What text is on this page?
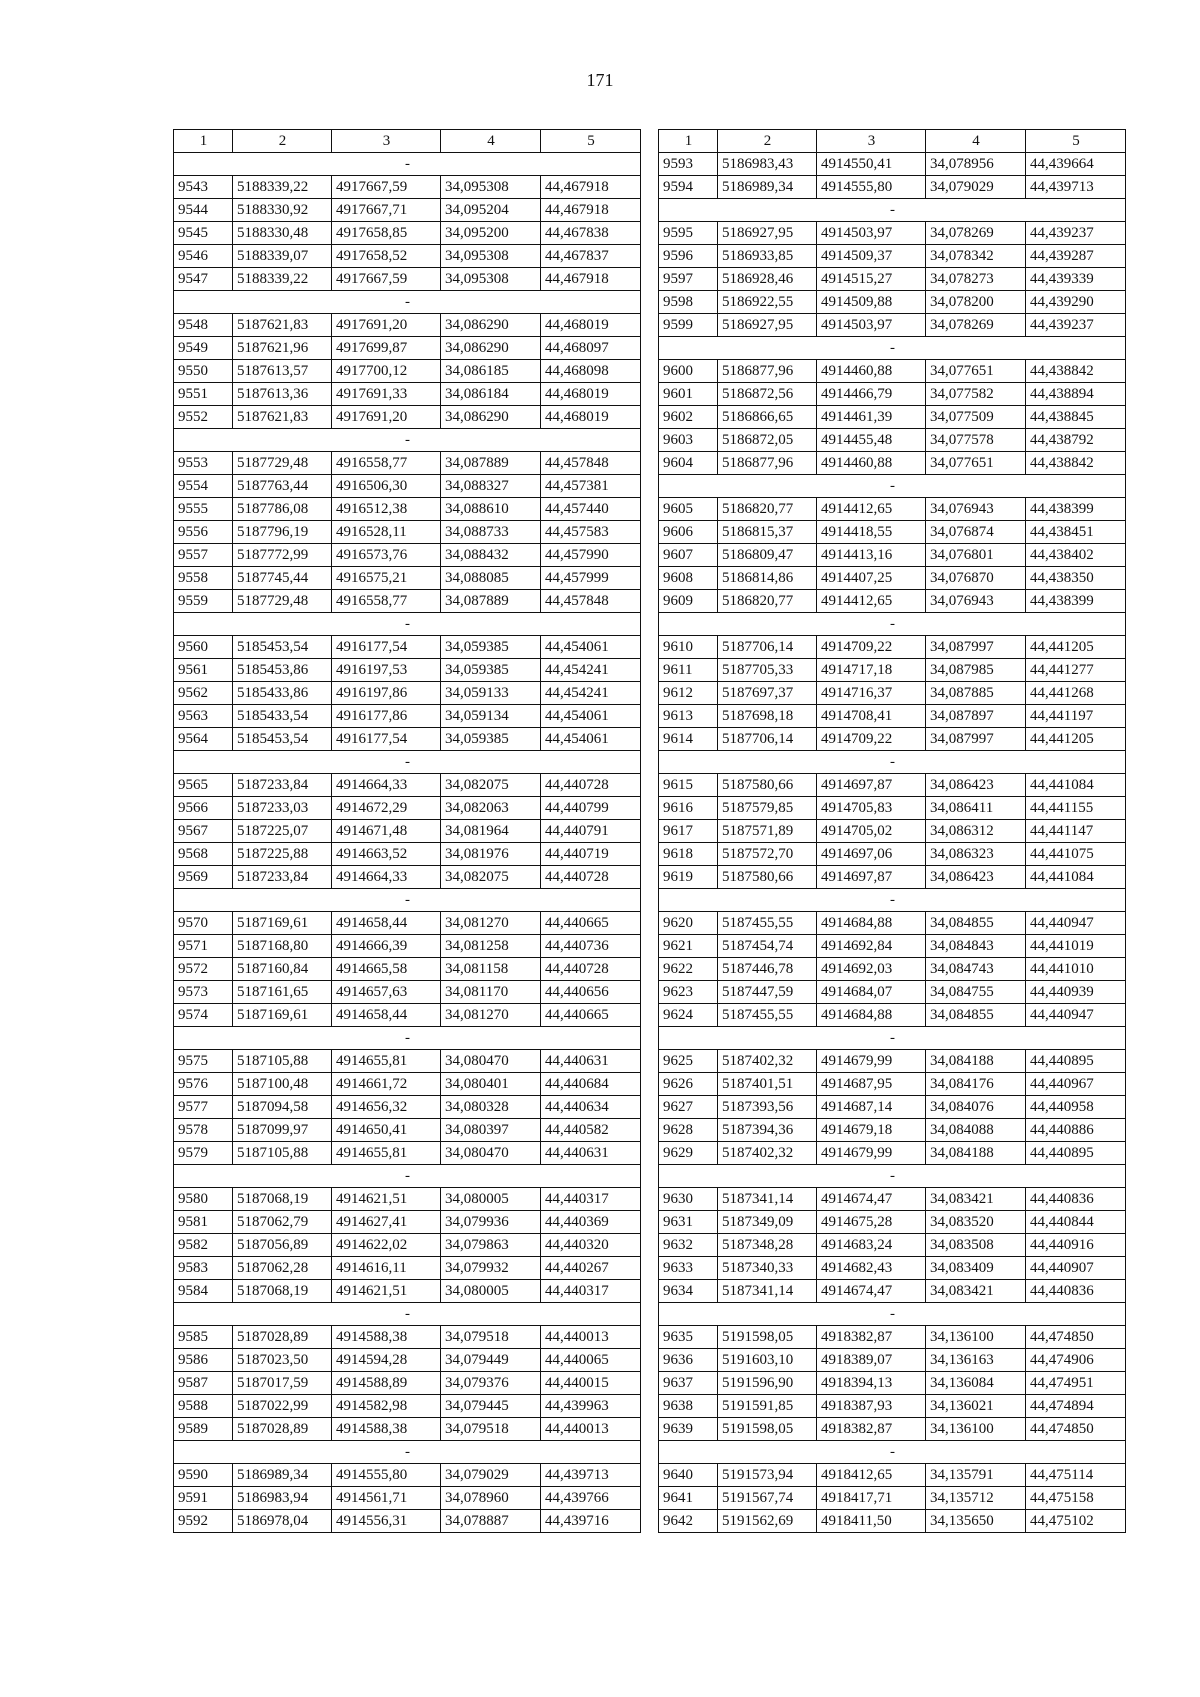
171
1	2	3	4	5
-				
9543	5188339,22	4917667,59	34,095308	44,467918
9544	5188330,92	4917667,71	34,095204	44,467918
9545	5188330,48	4917658,85	34,095200	44,467838
9546	5188339,07	4917658,52	34,095308	44,467837
9547	5188339,22	4917667,59	34,095308	44,467918
-				
9548	5187621,83	4917691,20	34,086290	44,468019
9549	5187621,96	4917699,87	34,086290	44,468097
9550	5187613,57	4917700,12	34,086185	44,468098
9551	5187613,36	4917691,33	34,086184	44,468019
9552	5187621,83	4917691,20	34,086290	44,468019
-				
9553	5187729,48	4916558,77	34,087889	44,457848
9554	5187763,44	4916506,30	34,088327	44,457381
9555	5187786,08	4916512,38	34,088610	44,457440
9556	5187796,19	4916528,11	34,088733	44,457583
9557	5187772,99	4916573,76	34,088432	44,457990
9558	5187745,44	4916575,21	34,088085	44,457999
9559	5187729,48	4916558,77	34,087889	44,457848
-				
9560	5185453,54	4916177,54	34,059385	44,454061
9561	5185453,86	4916197,53	34,059385	44,454241
9562	5185433,86	4916197,86	34,059133	44,454241
9563	5185433,54	4916177,86	34,059134	44,454061
9564	5185453,54	4916177,54	34,059385	44,454061
-				
9565	5187233,84	4914664,33	34,082075	44,440728
9566	5187233,03	4914672,29	34,082063	44,440799
9567	5187225,07	4914671,48	34,081964	44,440791
9568	5187225,88	4914663,52	34,081976	44,440719
9569	5187233,84	4914664,33	34,082075	44,440728
-				
9570	5187169,61	4914658,44	34,081270	44,440665
9571	5187168,80	4914666,39	34,081258	44,440736
9572	5187160,84	4914665,58	34,081158	44,440728
9573	5187161,65	4914657,63	34,081170	44,440656
9574	5187169,61	4914658,44	34,081270	44,440665
-				
9575	5187105,88	4914655,81	34,080470	44,440631
9576	5187100,48	4914661,72	34,080401	44,440684
9577	5187094,58	4914656,32	34,080328	44,440634
9578	5187099,97	4914650,41	34,080397	44,440582
9579	5187105,88	4914655,81	34,080470	44,440631
-				
9580	5187068,19	4914621,51	34,080005	44,440317
9581	5187062,79	4914627,41	34,079936	44,440369
9582	5187056,89	4914622,02	34,079863	44,440320
9583	5187062,28	4914616,11	34,079932	44,440267
9584	5187068,19	4914621,51	34,080005	44,440317
-				
9585	5187028,89	4914588,38	34,079518	44,440013
9586	5187023,50	4914594,28	34,079449	44,440065
9587	5187017,59	4914588,89	34,079376	44,440015
9588	5187022,99	4914582,98	34,079445	44,439963
9589	5187028,89	4914588,38	34,079518	44,440013
-				
9590	5186989,34	4914555,80	34,079029	44,439713
9591	5186983,94	4914561,71	34,078960	44,439766
9592	5186978,04	4914556,31	34,078887	44,439716
1	2	3	4	5
9593	5186983,43	4914550,41	34,078956	44,439664
9594	5186989,34	4914555,80	34,079029	44,439713
-				
9595	5186927,95	4914503,97	34,078269	44,439237
9596	5186933,85	4914509,37	34,078342	44,439287
9597	5186928,46	4914515,27	34,078273	44,439339
9598	5186922,55	4914509,88	34,078200	44,439290
9599	5186927,95	4914503,97	34,078269	44,439237
-				
9600	5186877,96	4914460,88	34,077651	44,438842
9601	5186872,56	4914466,79	34,077582	44,438894
9602	5186866,65	4914461,39	34,077509	44,438845
9603	5186872,05	4914455,48	34,077578	44,438792
9604	5186877,96	4914460,88	34,077651	44,438842
-				
9605	5186820,77	4914412,65	34,076943	44,438399
9606	5186815,37	4914418,55	34,076874	44,438451
9607	5186809,47	4914413,16	34,076801	44,438402
9608	5186814,86	4914407,25	34,076870	44,438350
9609	5186820,77	4914412,65	34,076943	44,438399
-				
9610	5187706,14	4914709,22	34,087997	44,441205
9611	5187705,33	4914717,18	34,087985	44,441277
9612	5187697,37	4914716,37	34,087885	44,441268
9613	5187698,18	4914708,41	34,087897	44,441197
9614	5187706,14	4914709,22	34,087997	44,441205
-				
9615	5187580,66	4914697,87	34,086423	44,441084
9616	5187579,85	4914705,83	34,086411	44,441155
9617	5187571,89	4914705,02	34,086312	44,441147
9618	5187572,70	4914697,06	34,086323	44,441075
9619	5187580,66	4914697,87	34,086423	44,441084
-				
9620	5187455,55	4914684,88	34,084855	44,440947
9621	5187454,74	4914692,84	34,084843	44,441019
9622	5187446,78	4914692,03	34,084743	44,441010
9623	5187447,59	4914684,07	34,084755	44,440939
9624	5187455,55	4914684,88	34,084855	44,440947
-				
9625	5187402,32	4914679,99	34,084188	44,440895
9626	5187401,51	4914687,95	34,084176	44,440967
9627	5187393,56	4914687,14	34,084076	44,440958
9628	5187394,36	4914679,18	34,084088	44,440886
9629	5187402,32	4914679,99	34,084188	44,440895
-				
9630	5187341,14	4914674,47	34,083421	44,440836
9631	5187349,09	4914675,28	34,083520	44,440844
9632	5187348,28	4914683,24	34,083508	44,440916
9633	5187340,33	4914682,43	34,083409	44,440907
9634	5187341,14	4914674,47	34,083421	44,440836
-				
9635	5191598,05	4918382,87	34,136100	44,474850
9636	5191603,10	4918389,07	34,136163	44,474906
9637	5191596,90	4918394,13	34,136084	44,474951
9638	5191591,85	4918387,93	34,136021	44,474894
9639	5191598,05	4918382,87	34,136100	44,474850
-				
9640	5191573,94	4918412,65	34,135791	44,475114
9641	5191567,74	4918417,71	34,135712	44,475158
9642	5191562,69	4918411,50	34,135650	44,475102
